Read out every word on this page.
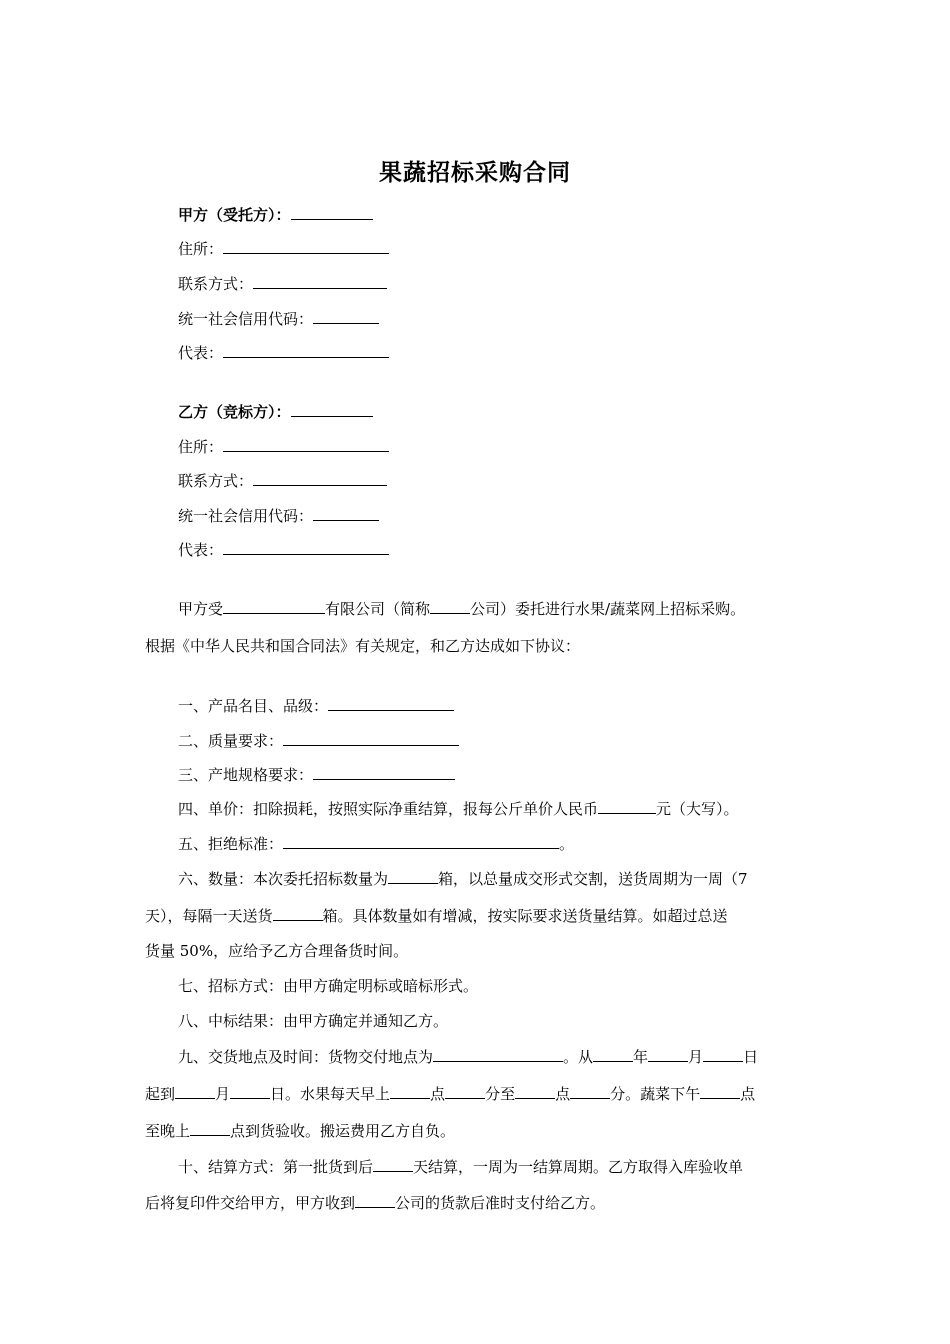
果蔬招标采购合同
甲方（受托方）：
住所：
联系方式：
统一社会信用代码：
代表：
乙方（竞标方）：
住所：
联系方式：
统一社会信用代码：
代表：
甲方受	有限公司（简称	公司）委托进行水果/蔬菜网上招标采购。
根据《中华人民共和国合同法》有关规定，和乙方达成如下协议：
一、产品名目、品级：
二、质量要求：
三、产地规格要求：
四、单价：扣除损耗，按照实际净重结算，报每公斤单价人民币	元（大写）。
五、拒绝标准：	。
六、数量：本次委托招标数量为	箱，以总量成交形式交割，送货周期为一周（7
天），每隔一天送货	箱。具体数量如有增减，按实际要求送货量结算。如超过总送
货量 50%，应给予乙方合理备货时间。
七、招标方式：由甲方确定明标或暗标形式。
八、中标结果：由甲方确定并通知乙方。
九、交货地点及时间：货物交付地点为	。从	年	月	日
起到	月	日。水果每天早上	点	分至	点	分。蔬菜下午	点
至晚上	点到货验收。搬运费用乙方自负。
十、结算方式：第一批货到后	天结算，一周为一结算周期。乙方取得入库验收单
后将复印件交给甲方，甲方收到	公司的货款后准时支付给乙方。
